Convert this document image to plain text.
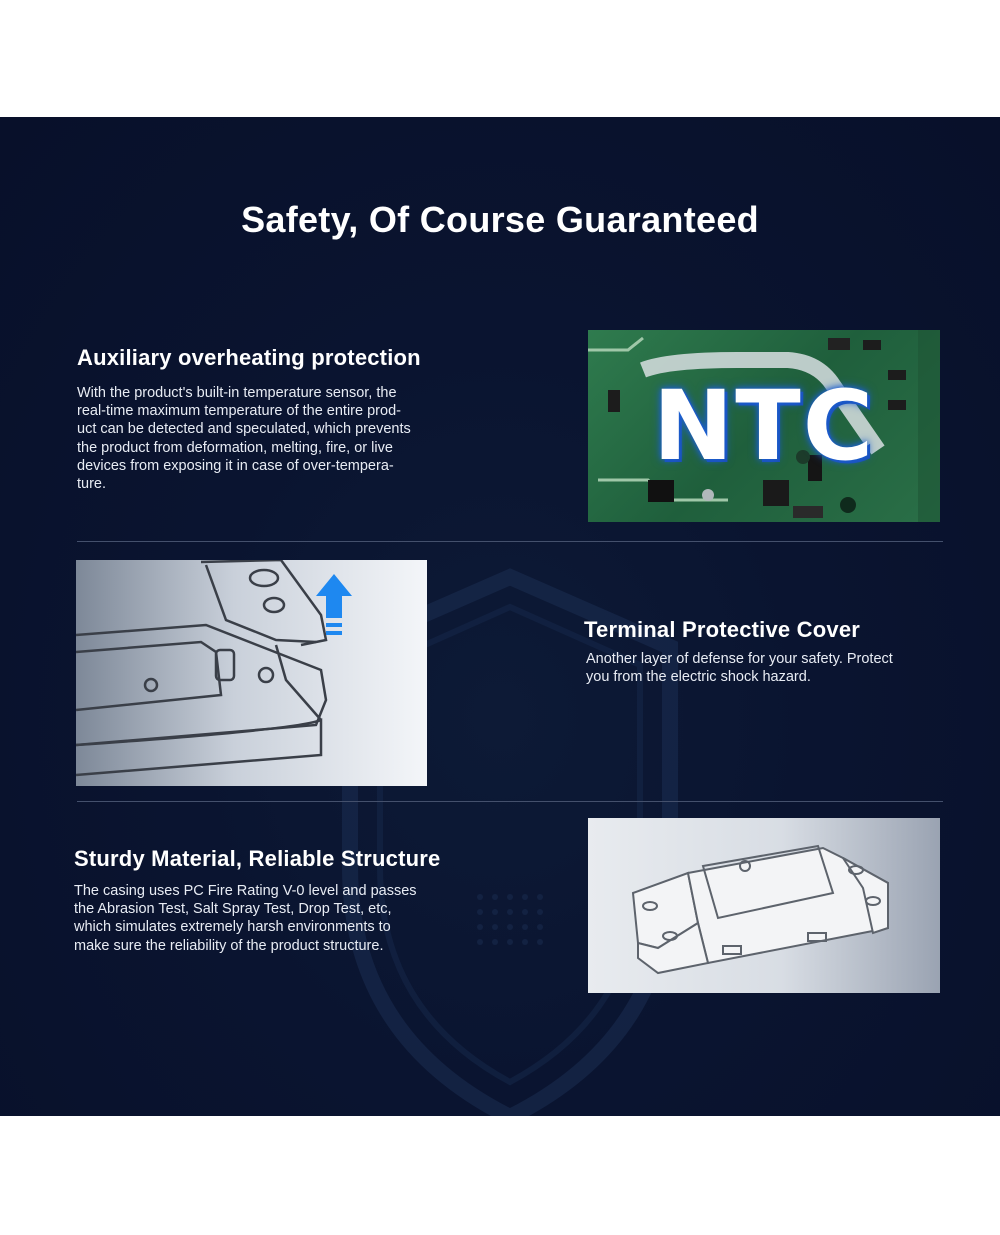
Safety, Of Course Guaranteed
Auxiliary overheating protection
With the product's built-in temperature sensor, the
real-time maximum temperature of the entire prod-
uct can be detected and speculated, which prevents
the product from deformation, melting, fire, or live
devices from exposing it in case of over-tempera-
ture.
NTC
Terminal Protective Cover
Another layer of defense for your safety. Protect
you from the electric shock hazard.
Sturdy Material, Reliable Structure
The casing uses PC Fire Rating V-0 level and passes
the Abrasion Test, Salt Spray Test, Drop Test, etc,
which simulates extremely harsh environments to
make sure the reliability of the product structure.
